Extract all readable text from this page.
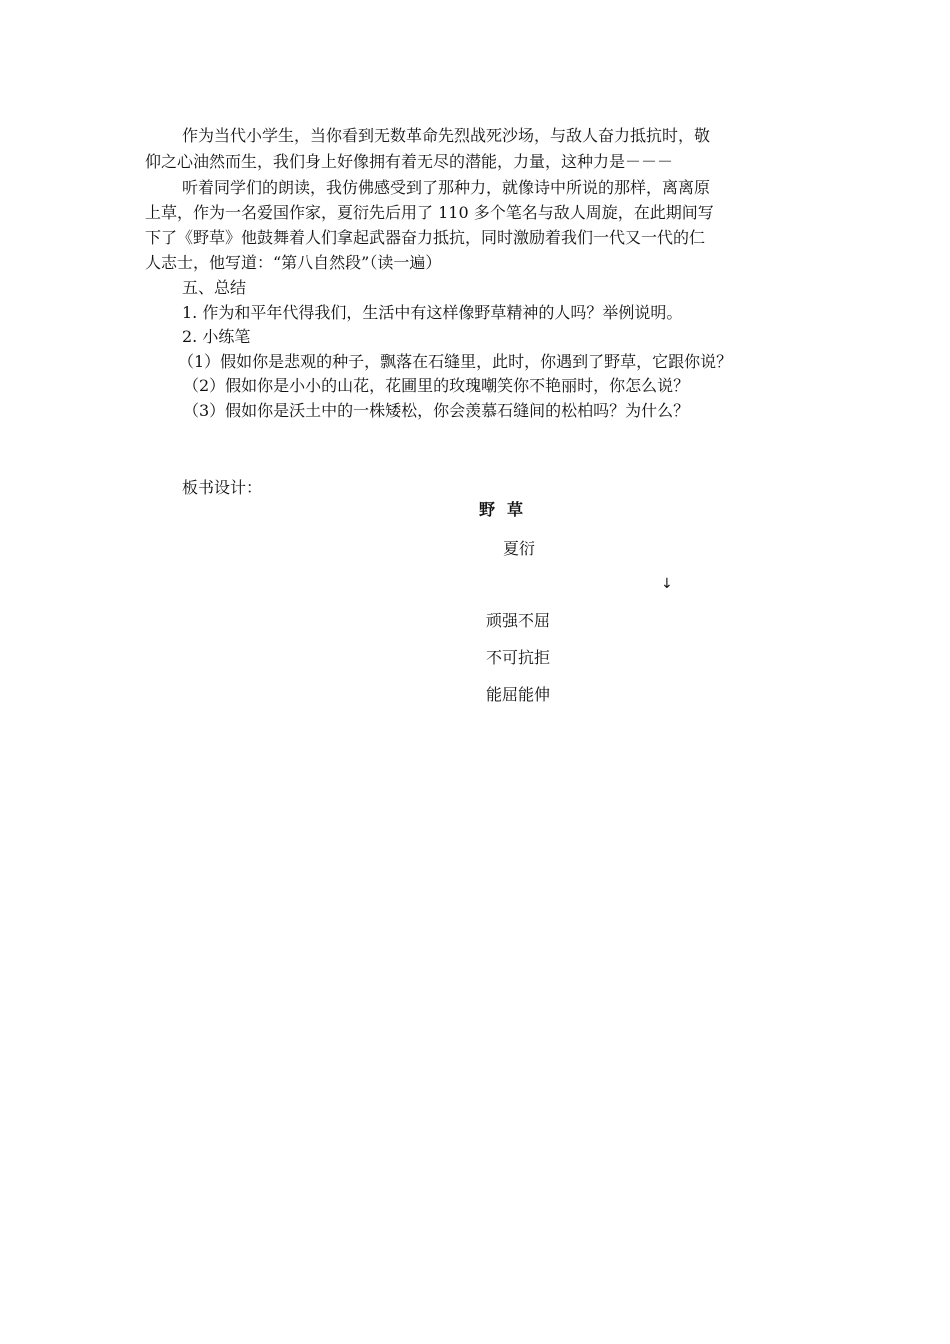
作为当代小学生，当你看到无数革命先烈战死沙场，与敌人奋力抵抗时，敬
仰之心油然而生，我们身上好像拥有着无尽的潜能，力量，这种力是－－－
听着同学们的朗读，我仿佛感受到了那种力，就像诗中所说的那样，离离原
上草，作为一名爱国作家，夏衍先后用了 110 多个笔名与敌人周旋，在此期间写
下了《野草》他鼓舞着人们拿起武器奋力抵抗，同时激励着我们一代又一代的仁
人志士，他写道：“第八自然段”（读一遍）
五、总结
1. 作为和平年代得我们，生活中有这样像野草精神的人吗？举例说明。
2. 小练笔
（1）假如你是悲观的种子，飘落在石缝里，此时，你遇到了野草，它跟你说？
（2）假如你是小小的山花，花圃里的玫瑰嘲笑你不艳丽时，你怎么说？
（3）假如你是沃土中的一株矮松，你会羡慕石缝间的松柏吗？为什么？
板书设计：
野草
夏衍
↓
顽强不屈
不可抗拒
能屈能伸
